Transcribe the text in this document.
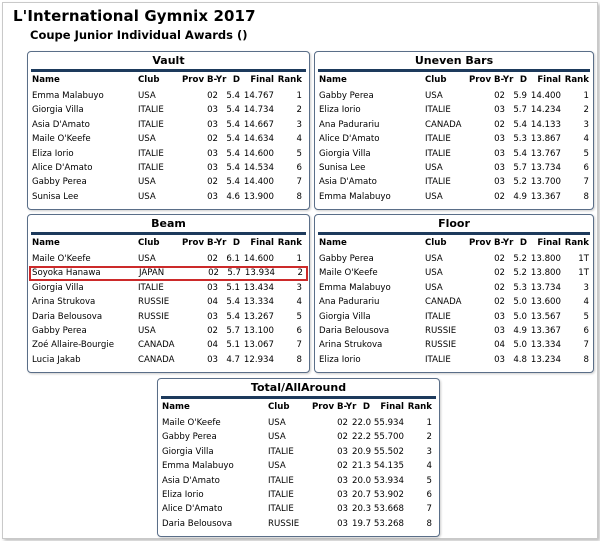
L'International Gymnix 2017
Coupe Junior Individual Awards ()
Vault
Name	Club	Prov B-Yr D	Final Rank
Emma Malabuyo	USA	02 5.4 14.767	1
Giorgia Villa	ITALIE	03 5.4 14.734	2
Asia D'Amato	ITALIE	03 5.4 14.667	3
Maile O'Keefe	USA	02 5.4 14.634	4
Eliza Iorio	ITALIE	03 5.4 14.600	5
Alice D'Amato	ITALIE	03 5.4 14.534	6
Gabby Perea	USA	02 5.4 14.400	7
Sunisa Lee	USA	03 4.6 13.900	8
Uneven Bars
Name	Club	Prov B-Yr D	Final Rank
Gabby Perea	USA	02 5.9 14.400	1
Eliza Iorio	ITALIE	03 5.7 14.234	2
Ana Padurariu	CANADA	02 5.4 14.133	3
Alice D'Amato	ITALIE	03 5.3 13.867	4
Giorgia Villa	ITALIE	03 5.4 13.767	5
Sunisa Lee	USA	03 5.7 13.734	6
Asia D'Amato	ITALIE	03 5.2 13.700	7
Emma Malabuyo	USA	02 4.9 13.367	8
Beam
Name	Club	Prov B-Yr D	Final Rank
Maile O'Keefe	USA	02 6.1 14.600	1
Soyoka Hanawa	JAPAN	02 5.7 13.934	2
Giorgia Villa	ITALIE	03 5.1 13.434	3
Arina Strukova	RUSSIE	04 5.4 13.334	4
Daria Belousova	RUSSIE	03 5.4 13.267	5
Gabby Perea	USA	02 5.7 13.100	6
Zoé Allaire-Bourgie	CANADA	04 5.1 13.067	7
Lucia Jakab	CANADA	03 4.7 12.934	8
Floor
Name	Club	Prov B-Yr D	Final Rank
Gabby Perea	USA	02 5.2 13.800	1T
Maile O'Keefe	USA	02 5.2 13.800	1T
Emma Malabuyo	USA	02 5.3 13.734	3
Ana Padurariu	CANADA	02 5.0 13.600	4
Giorgia Villa	ITALIE	03 5.0 13.567	5
Daria Belousova	RUSSIE	03 4.9 13.367	6
Arina Strukova	RUSSIE	04 5.0 13.334	7
Eliza Iorio	ITALIE	03 4.8 13.234	8
Total/AllAround
Name	Club	Prov B-Yr D	Final Rank
Maile O'Keefe	USA	02 22.0 55.934	1
Gabby Perea	USA	02 22.2 55.700	2
Giorgia Villa	ITALIE	03 20.9 55.502	3
Emma Malabuyo	USA	02 21.3 54.135	4
Asia D'Amato	ITALIE	03 20.0 53.934	5
Eliza Iorio	ITALIE	03 20.7 53.902	6
Alice D'Amato	ITALIE	03 20.3 53.668	7
Daria Belousova	RUSSIE	03 19.7 53.268	8
